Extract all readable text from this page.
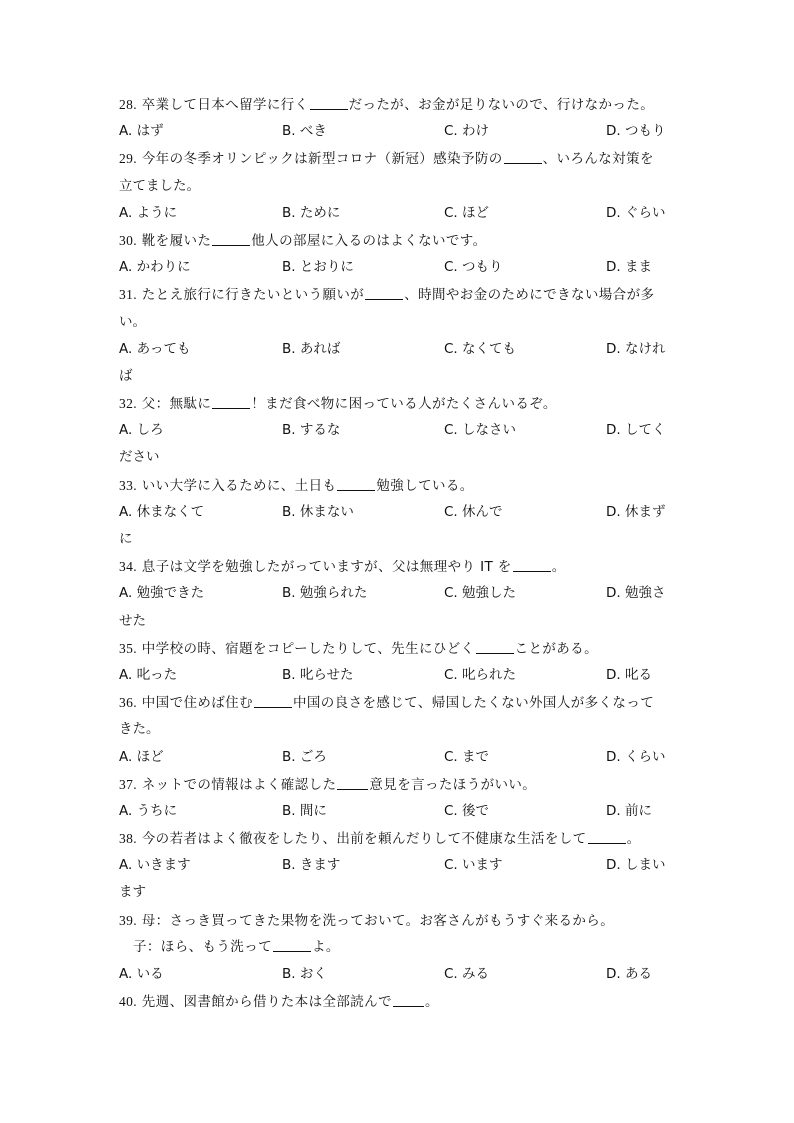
28. 卒業して日本へ留学に行く	だったが、お金が足りないので、行けなかった。
A. はず	B. べき	C. わけ	D. つもり
29. 今年の冬季オリンピックは新型コロナ（新冠）感染予防の	、いろんな対策を
立てました。
A. ように	B. ために	C. ほど	D. ぐらい
30. 靴を履いた	他人の部屋に入るのはよくないです。
A. かわりに	B. とおりに	C. つもり	D. まま
31. たとえ旅行に行きたいという願いが	、時間やお金のためにできない場合が多
い。
A. あっても	B. あれば	C. なくても	D. なけれ
ば
32. 父：無駄に	！まだ食べ物に困っている人がたくさんいるぞ。
A. しろ	B. するな	C. しなさい	D. してく
ださい
33. いい大学に入るために、土日も	勉強している。
A. 休まなくて	B. 休まない	C. 休んで	D. 休まず
に
34. 息子は文学を勉強したがっていますが、父は無理やり IT を	。
A. 勉強できた	B. 勉強られた	C. 勉強した	D. 勉強さ
せた
35. 中学校の時、宿題をコピーしたりして、先生にひどく	ことがある。
A. 叱った	B. 叱らせた	C. 叱られた	D. 叱る
36. 中国で住めば住む	中国の良さを感じて、帰国したくない外国人が多くなって
きた。
A. ほど	B. ごろ	C. まで	D. くらい
37. ネットでの情報はよく確認した 意見を言ったほうがいい。
A. うちに	B. 間に	C. 後で	D. 前に
38. 今の若者はよく徹夜をしたり、出前を頼んだりして不健康な生活をして	。
A. いきます	B. きます	C. います	D. しまい
ます
39. 母：さっき買ってきた果物を洗っておいて。お客さんがもうすぐ来るから。
子：ほら、もう洗って	よ。
A. いる	B. おく	C. みる	D. ある
40. 先週、図書館から借りた本は全部読んで 。
